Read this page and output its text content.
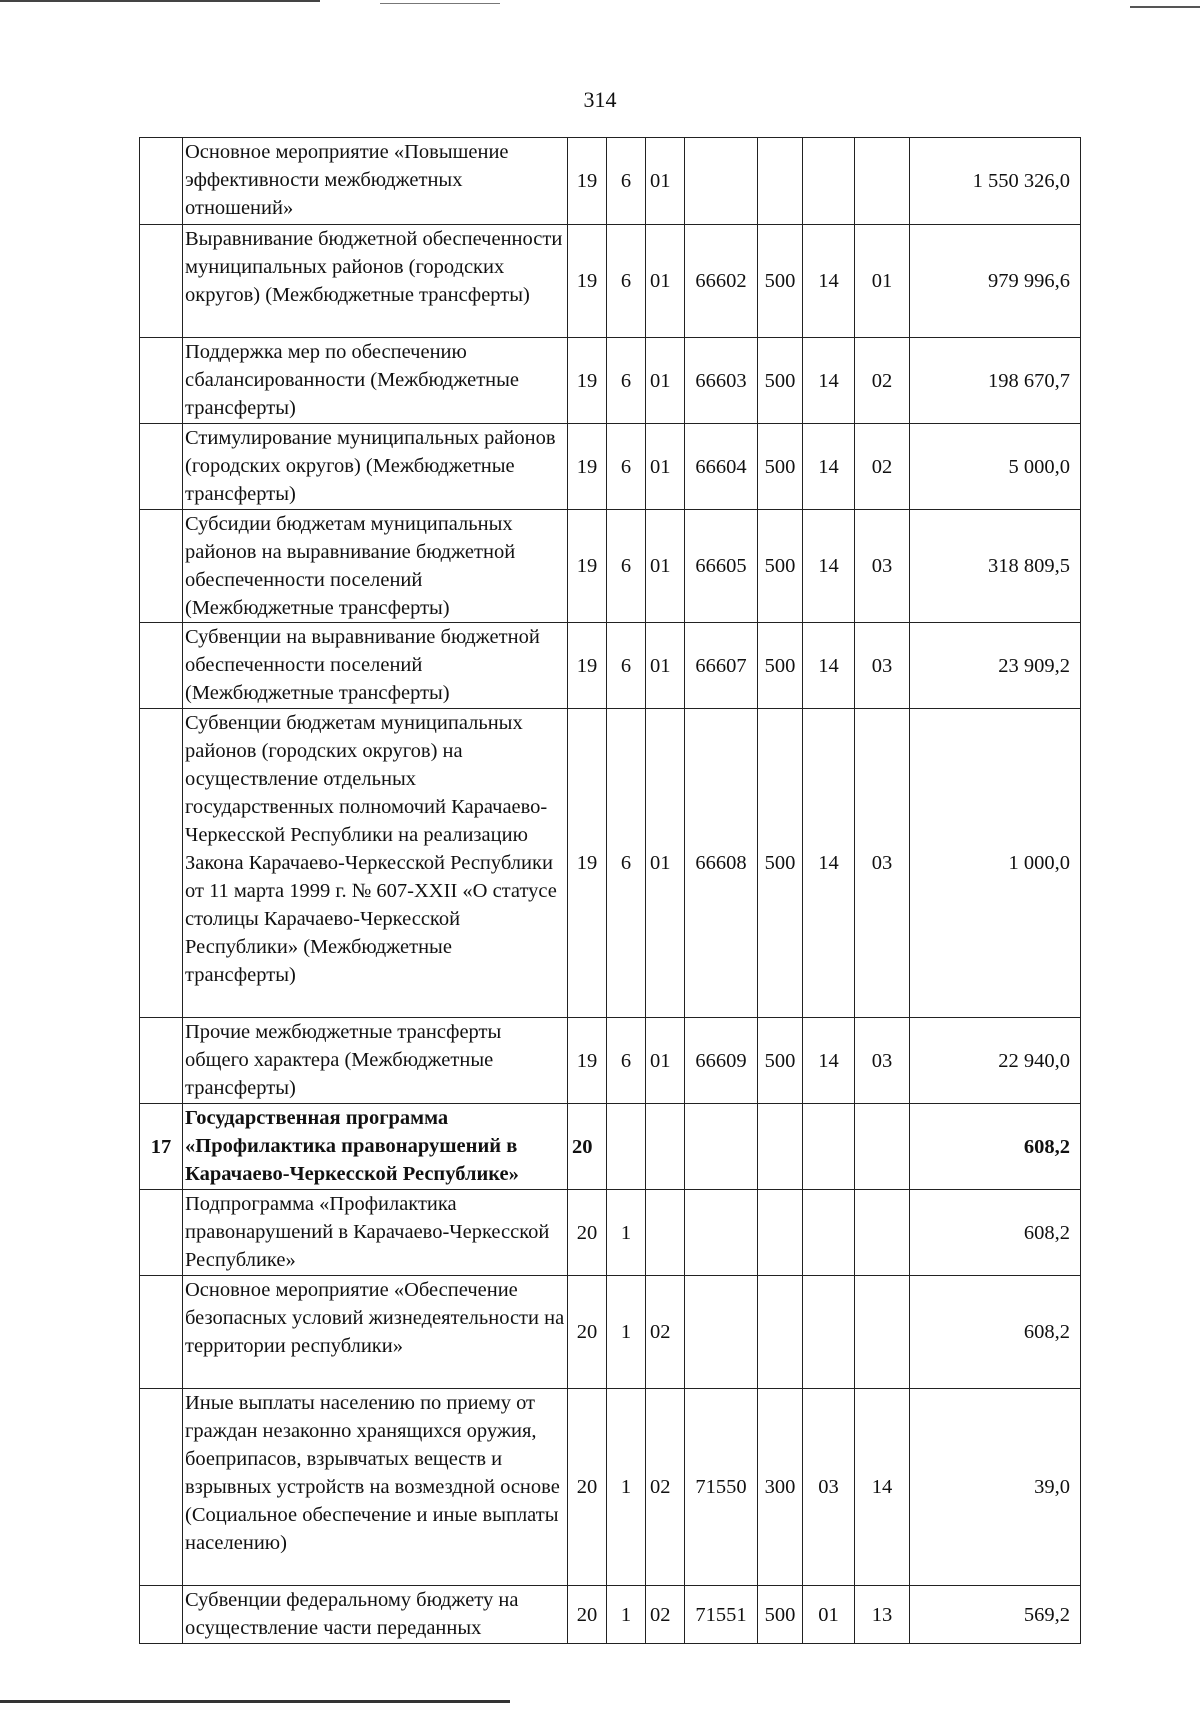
314
	Основное мероприятие «Повышение эффективности межбюджетных отношений»	19	6	01					1 550 326,0
	Выравнивание бюджетной обеспеченности муниципальных районов (городских округов) (Межбюджетные трансферты)	19	6	01	66602	500	14	01	979 996,6
	Поддержка мер по обеспечению сбалансированности (Межбюджетные трансферты)	19	6	01	66603	500	14	02	198 670,7
	Стимулирование муниципальных районов (городских округов) (Межбюджетные трансферты)	19	6	01	66604	500	14	02	5 000,0
	Субсидии бюджетам муниципальных районов на выравнивание бюджетной обеспеченности поселений (Межбюджетные трансферты)	19	6	01	66605	500	14	03	318 809,5
	Субвенции на выравнивание бюджетной обеспеченности поселений (Межбюджетные трансферты)	19	6	01	66607	500	14	03	23 909,2
	Субвенции бюджетам муниципальных районов (городских округов) на осуществление отдельных государственных полномочий Карачаево-Черкесской Республики на реализацию Закона Карачаево-Черкесской Республики от 11 марта 1999 г. № 607-XXII «О статусе столицы Карачаево-Черкесской Республики» (Межбюджетные трансферты)	19	6	01	66608	500	14	03	1 000,0
	Прочие межбюджетные трансферты общего характера (Межбюджетные трансферты)	19	6	01	66609	500	14	03	22 940,0
17	Государственная программа «Профилактика правонарушений в Карачаево-Черкесской Республике»	20							608,2
	Подпрограмма «Профилактика правонарушений в Карачаево-Черкесской Республике»	20	1						608,2
	Основное мероприятие «Обеспечение безопасных условий жизнедеятельности на территории республики»	20	1	02					608,2
	Иные выплаты населению по приему от граждан незаконно хранящихся оружия, боеприпасов, взрывчатых веществ и взрывных устройств на возмездной основе (Социальное обеспечение и иные выплаты населению)	20	1	02	71550	300	03	14	39,0
	Субвенции федеральному бюджету на осуществление части переданных	20	1	02	71551	500	01	13	569,2
